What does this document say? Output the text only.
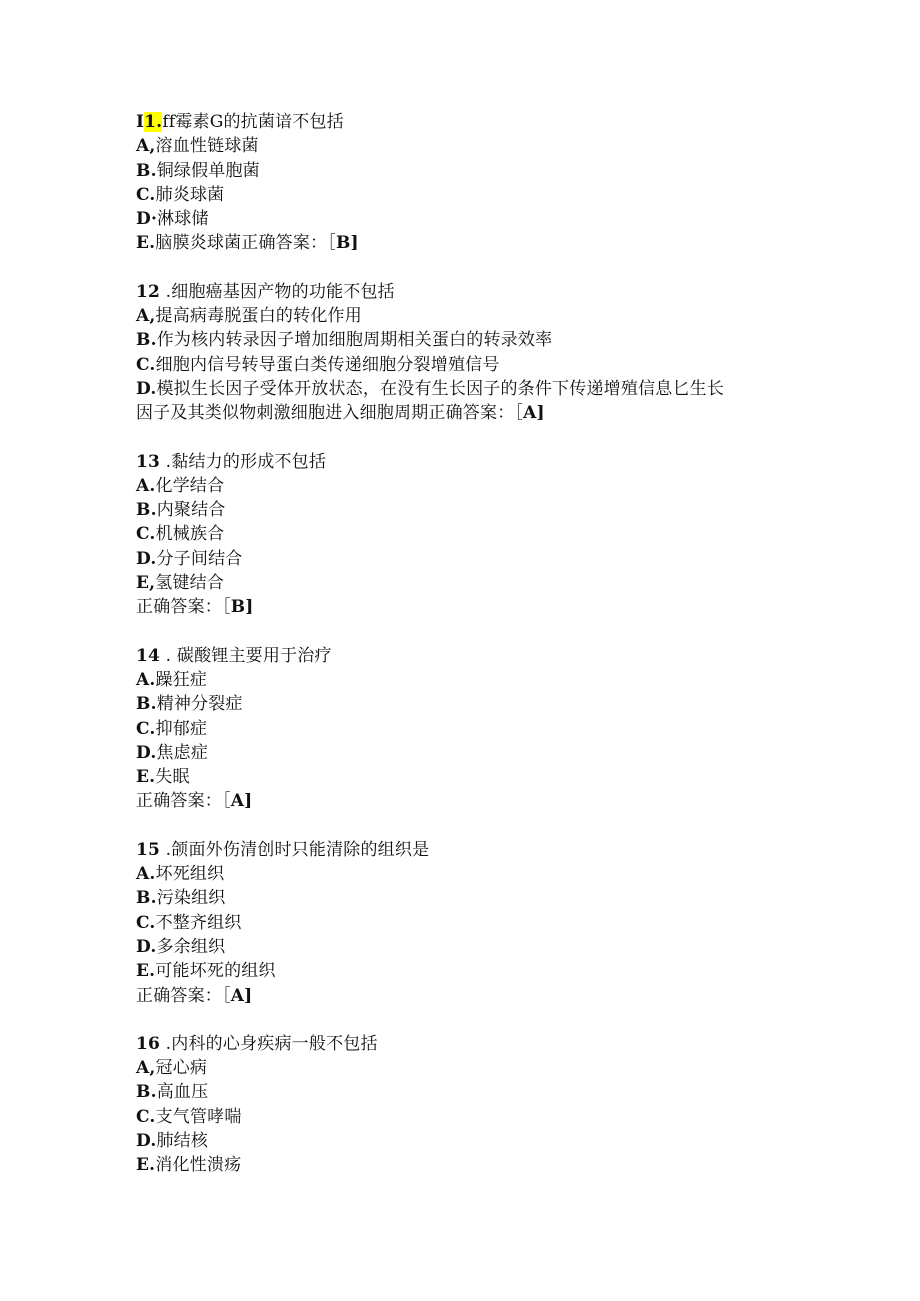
I1.ff霉素G的抗菌谙不包括
A,溶血性链球菌
B.铜绿假单胞菌
C.肺炎球菌
D·淋球储
E.脑膜炎球菌正确答案：［B]
12 .细胞癌基因产物的功能不包括
A,提高病毒脱蛋白的转化作用
B.作为核内转录因子增加细胞周期相关蛋白的转录效率
C.细胞内信号转导蛋白类传递细胞分裂增殖信号
D.模拟生长因子受体开放状态，在没有生长因子的条件下传递增殖信息匕生长
因子及其类似物刺激细胞进入细胞周期正确答案：［A]
13 .黏结力的形成不包括
A.化学结合
B.内聚结合
C.机械族合
D.分子间结合
E,氢键结合
正确答案：［B]
14 . 碳酸锂主要用于治疗
A.躁狂症
B.精神分裂症
C.抑郁症
D.焦虑症
E.失眠
正确答案：［A]
15 .颌面外伤清创时只能清除的组织是
A.坏死组织
B.污染组织
C.不整齐组织
D.多余组织
E.可能坏死的组织
正确答案：［A]
16 .内科的心身疾病一般不包括
A,冠心病
B.高血压
C.支气管哮喘
D.肺结核
E.消化性溃疡
